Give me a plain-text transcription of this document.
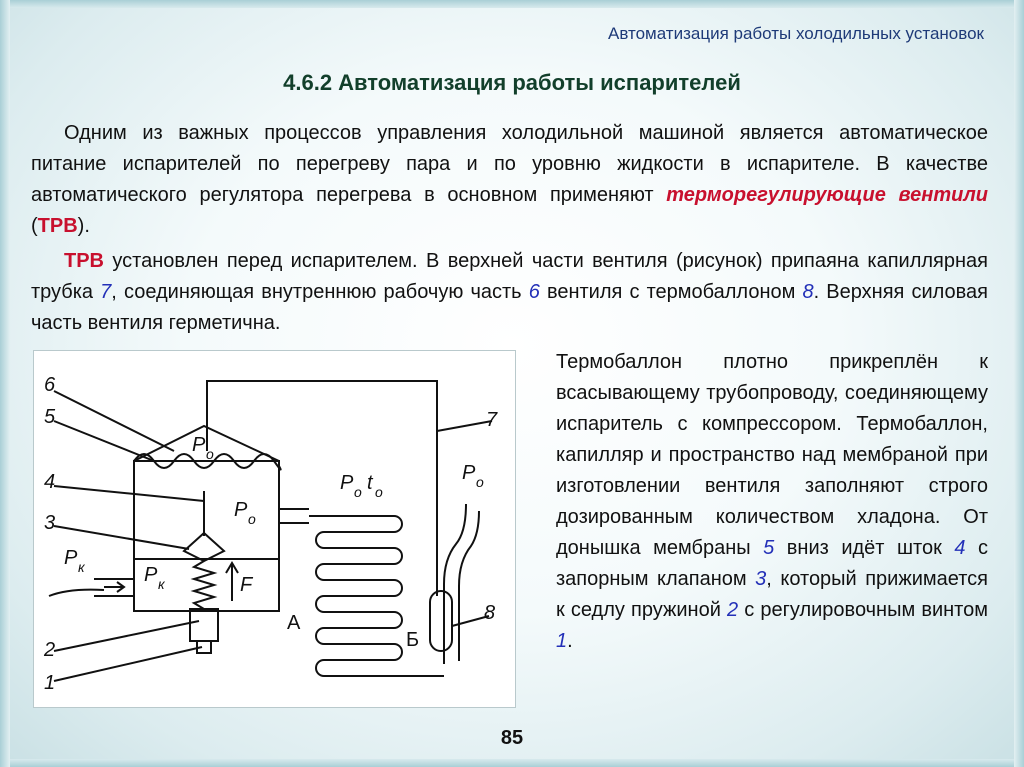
Автоматизация работы холодильных установок
4.6.2 Автоматизация работы испарителей
Одним из важных процессов управления холодильной машиной является автоматическое питание испарителей по перегреву пара и по уровню жидкости в испарителе. В качестве автоматического регулятора перегрева в основном применяют терморегулирующие вентили (ТРВ).
ТРВ установлен перед испарителем. В верхней части вентиля (рисунок) припаяна капиллярная трубка 7, соединяющая внутреннюю рабочую часть 6 вентиля с термобаллоном 8. Верхняя силовая часть вентиля герметична.
6
5
4
3
2
1
7
8
P o
P o
P к
P к
P o t o
P o
F
А
Б
Термобаллон плотно прикреплён к всасывающему трубопроводу, соединяющему испаритель с компрессором. Термобаллон, капилляр и пространство над мембраной при изготовлении вентиля заполняют строго дозированным количеством хладона. От донышка мембраны 5 вниз идёт шток 4 с запорным клапаном 3, который прижимается к седлу пружиной 2 с регулировочным винтом 1.
85
